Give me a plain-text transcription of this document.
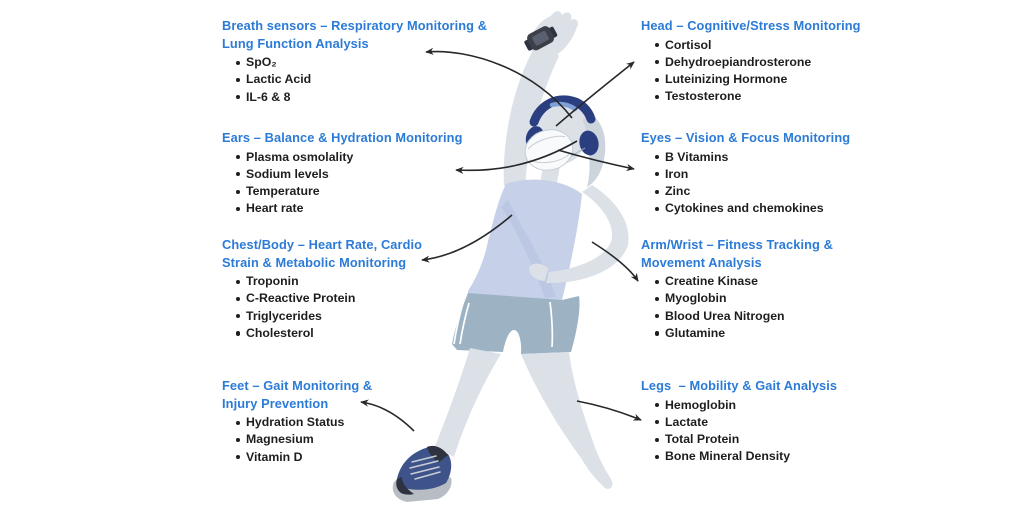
Breath sensors – Respiratory Monitoring &
Lung Function Analysis
SpO₂
Lactic Acid
IL-6 & 8
Head – Cognitive/Stress Monitoring
Cortisol
Dehydroepiandrosterone
Luteinizing Hormone
Testosterone
Ears – Balance & Hydration Monitoring
Plasma osmolality
Sodium levels
Temperature
Heart rate
Eyes – Vision & Focus Monitoring
B Vitamins
Iron
Zinc
Cytokines and chemokines
Chest/Body – Heart Rate, Cardio
Strain & Metabolic Monitoring
Troponin
C-Reactive Protein
Triglycerides
Cholesterol
Arm/Wrist – Fitness Tracking &
Movement Analysis
Creatine Kinase
Myoglobin
Blood Urea Nitrogen
Glutamine
Feet – Gait Monitoring &
Injury Prevention
Hydration Status
Magnesium
Vitamin D
Legs  – Mobility & Gait Analysis
Hemoglobin
Lactate
Total Protein
Bone Mineral Density
